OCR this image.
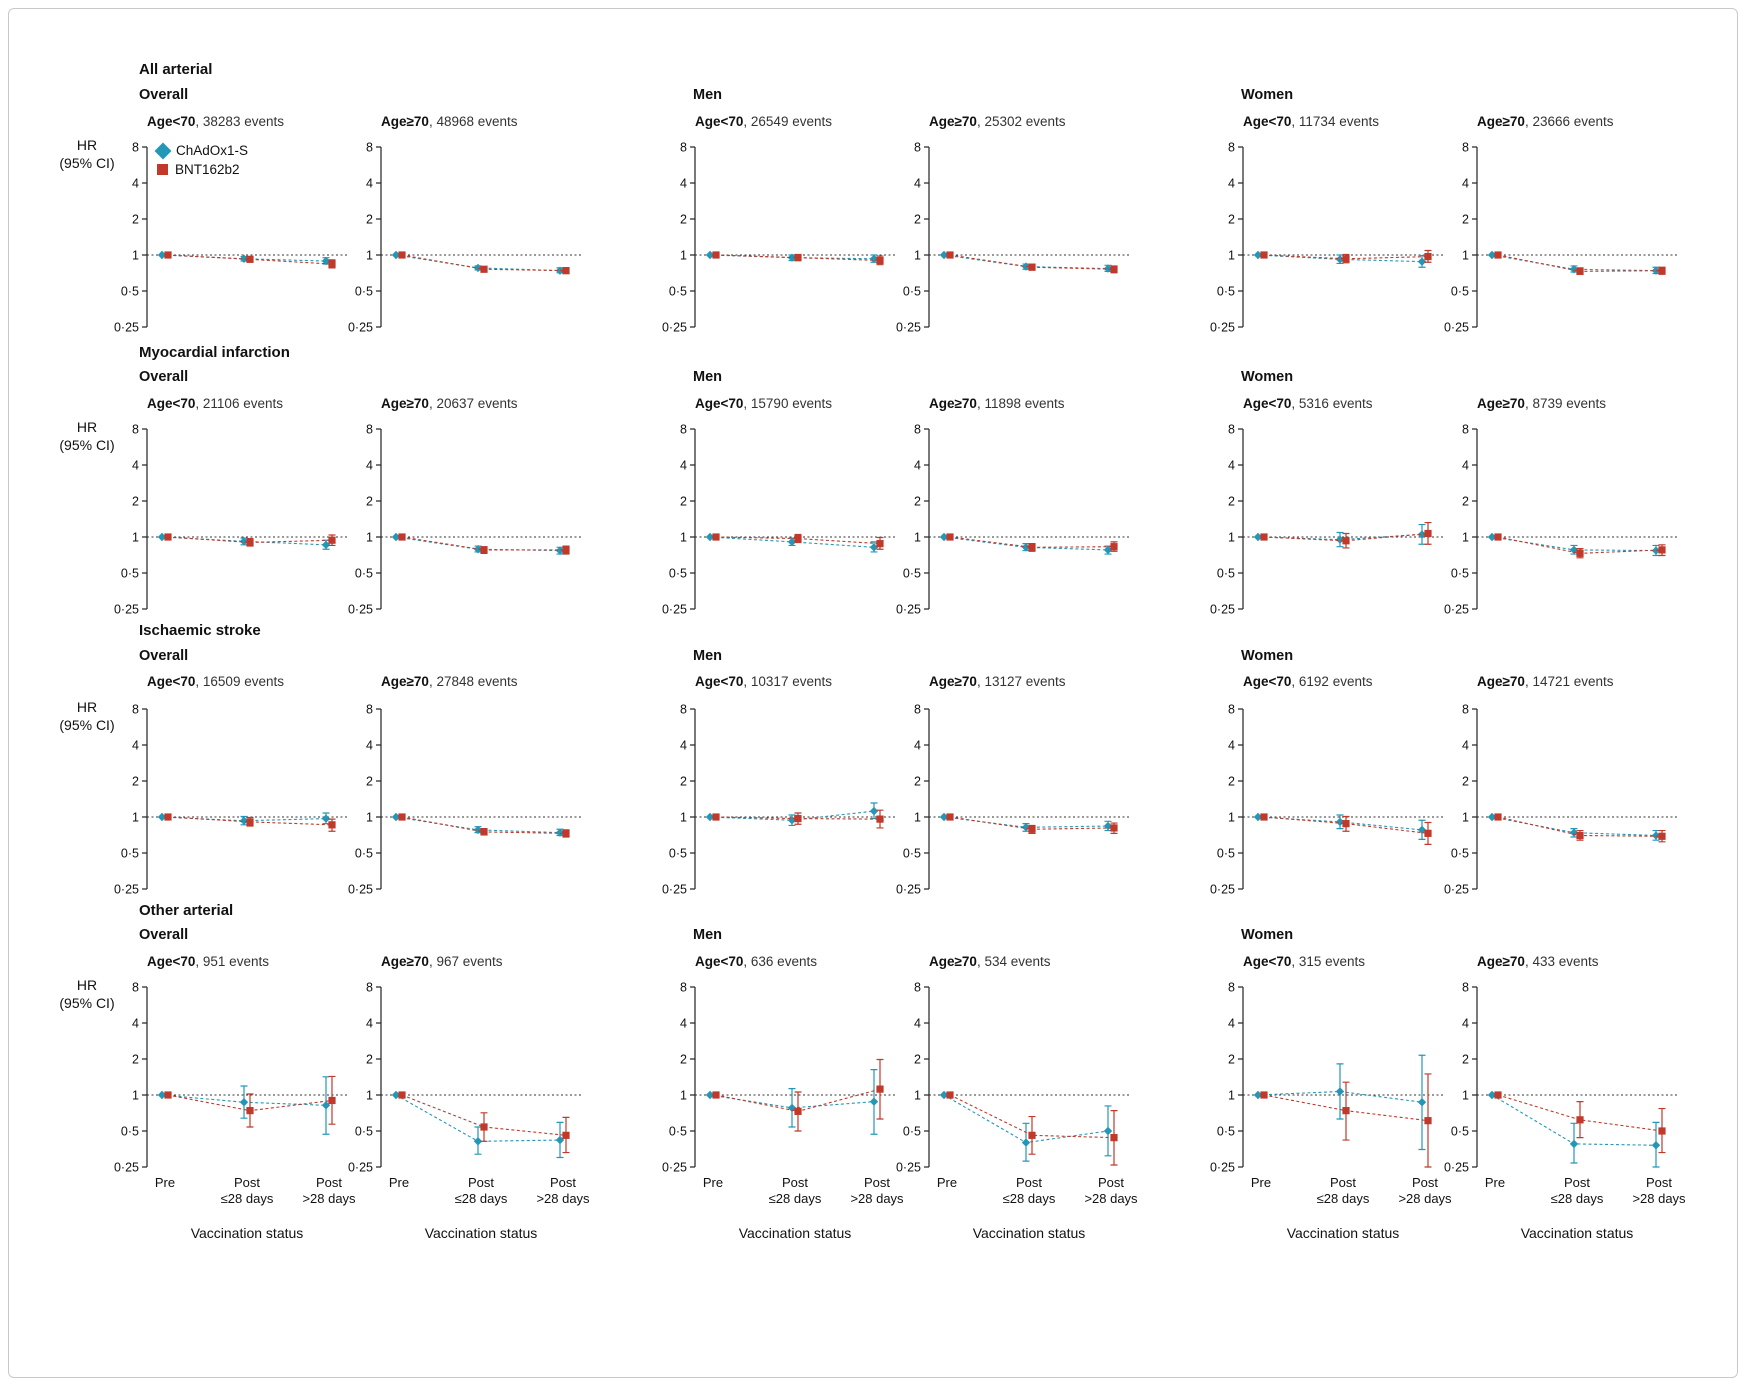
All arterial
Overall	Men	Women
HR
(95% CI)
Age<70, 38283 events
8
4
2
1
0·5
0·25
Age≥70, 48968 events
8
4
2
1
0·5
0·25
Age<70, 26549 events
8
4
2
1
0·5
0·25
Age≥70, 25302 events
8
4
2
1
0·5
0·25
Age<70, 11734 events
8
4
2
1
0·5
0·25
Age≥70, 23666 events
8
4
2
1
0·5
0·25
Myocardial infarction
Overall	Men	Women
HR
(95% CI)
Age<70, 21106 events
8
4
2
1
0·5
0·25
Age≥70, 20637 events
8
4
2
1
0·5
0·25
Age<70, 15790 events
8
4
2
1
0·5
0·25
Age≥70, 11898 events
8
4
2
1
0·5
0·25
Age<70, 5316 events
8
4
2
1
0·5
0·25
Age≥70, 8739 events
8
4
2
1
0·5
0·25
Ischaemic stroke
Overall	Men	Women
HR
(95% CI)
Age<70, 16509 events
8
4
2
1
0·5
0·25
Age≥70, 27848 events
8
4
2
1
0·5
0·25
Age<70, 10317 events
8
4
2
1
0·5
0·25
Age≥70, 13127 events
8
4
2
1
0·5
0·25
Age<70, 6192 events
8
4
2
1
0·5
0·25
Age≥70, 14721 events
8
4
2
1
0·5
0·25
Other arterial
Overall	Men	Women
HR
(95% CI)
Age<70, 951 events
8
4
2
1
0·5
0·25
Pre	Post
≤28 days
Post
>28 days
Vaccination status
Age≥70, 967 events
8
4
2
1
0·5
0·25
Pre	Post
≤28 days
Post
>28 days
Vaccination status
Age<70, 636 events
8
4
2
1
0·5
0·25
Pre	Post
≤28 days
Post
>28 days
Vaccination status
Age≥70, 534 events
8
4
2
1
0·5
0·25
Pre	Post
≤28 days
Post
>28 days
Vaccination status
Age<70, 315 events
8
4
2
1
0·5
0·25
Pre	Post
≤28 days
Post
>28 days
Vaccination status
Age≥70, 433 events
8
4
2
1
0·5
0·25
Pre	Post
≤28 days
Post
>28 days
Vaccination status
ChAdOx1-S
BNT162b2
